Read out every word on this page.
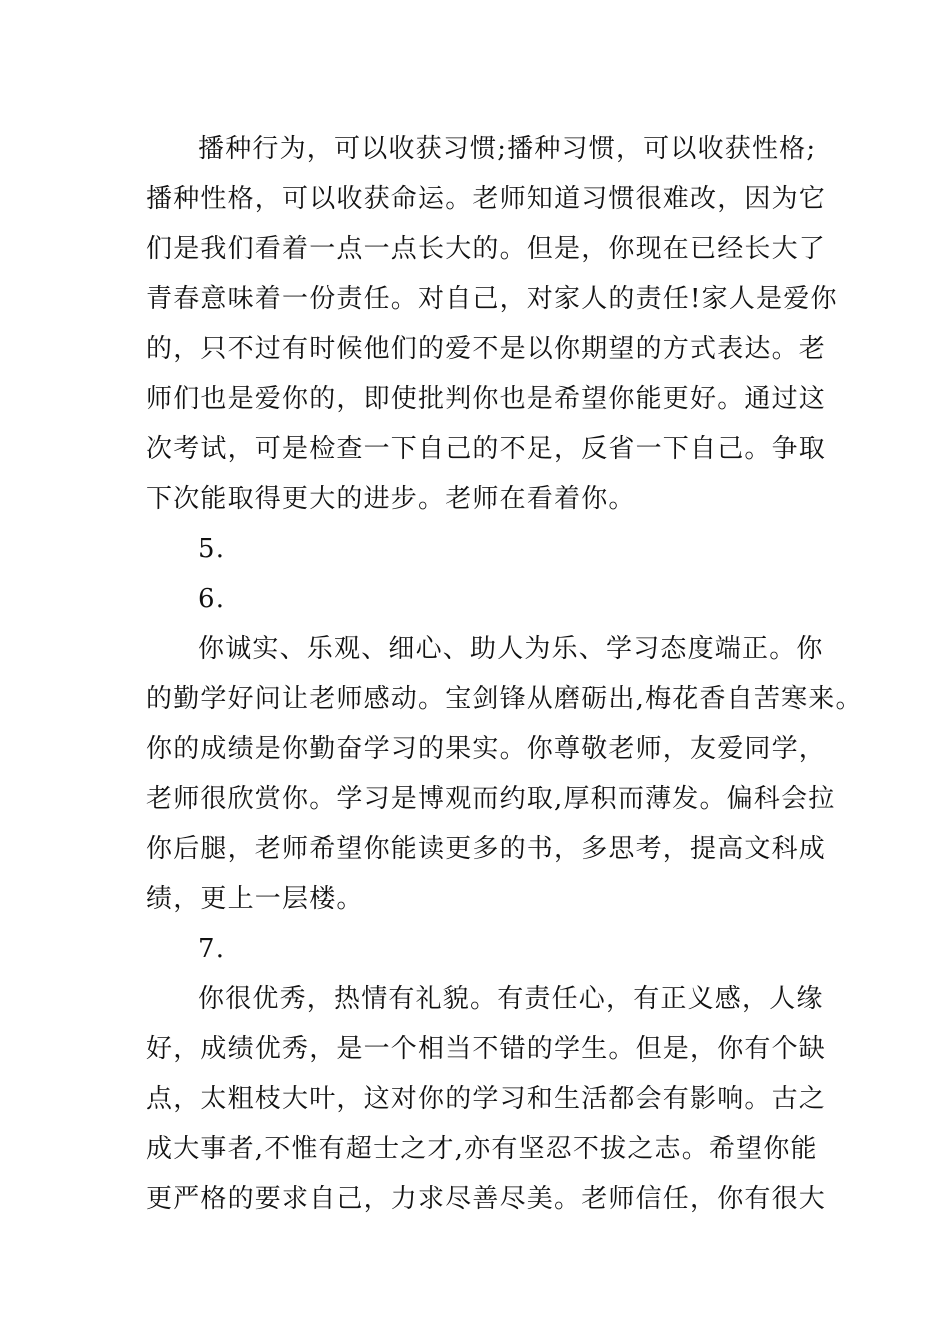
播种行为，可以收获习惯;播种习惯，可以收获性格;
播种性格，可以收获命运。老师知道习惯很难改，因为它
们是我们看着一点一点长大的。但是，你现在已经长大了
青春意味着一份责任。对自己，对家人的责任!家人是爱你
的，只不过有时候他们的爱不是以你期望的方式表达。老
师们也是爱你的，即使批判你也是希望你能更好。通过这
次考试，可是检查一下自己的不足，反省一下自己。争取
下次能取得更大的进步。老师在看着你。
5.
6.
你诚实、乐观、细心、助人为乐、学习态度端正。你
的勤学好问让老师感动。宝剑锋从磨砺出,梅花香自苦寒来。
你的成绩是你勤奋学习的果实。你尊敬老师，友爱同学，
老师很欣赏你。学习是博观而约取,厚积而薄发。偏科会拉
你后腿，老师希望你能读更多的书，多思考，提高文科成
绩，更上一层楼。
7.
你很优秀，热情有礼貌。有责任心，有正义感，人缘
好，成绩优秀，是一个相当不错的学生。但是，你有个缺
点，太粗枝大叶，这对你的学习和生活都会有影响。古之
成大事者,不惟有超士之才,亦有坚忍不拔之志。希望你能
更严格的要求自己，力求尽善尽美。老师信任，你有很大
